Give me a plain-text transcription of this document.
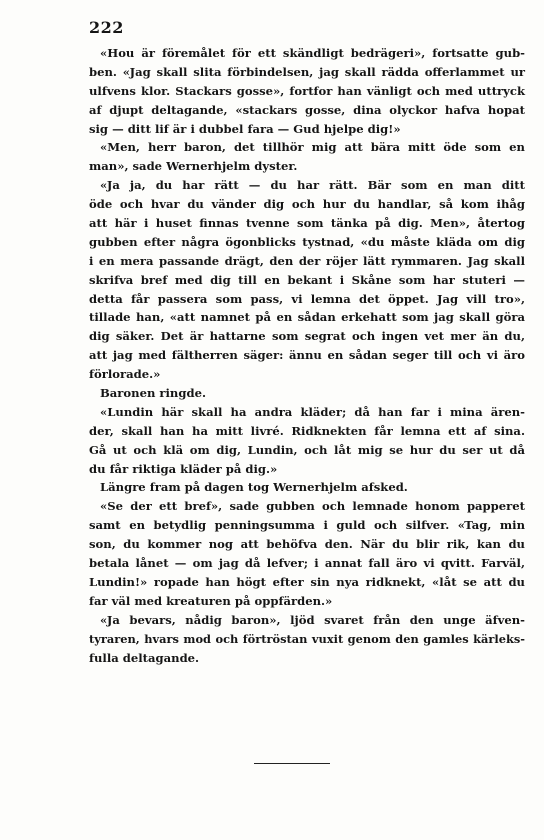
222
«Hou är föremålet för ett skändligt bedrägeri», fortsatte gub-
ben. «Jag skall slita förbindelsen, jag skall rädda offerlammet ur
ulfvens klor. Stackars gosse», fortfor han vänligt och med uttryck
af djupt deltagande, «stackars gosse, dina olyckor hafva hopat
sig — ditt lif är i dubbel fara — Gud hjelpe dig!»
«Men, herr baron, det tillhör mig att bära mitt öde som en
man», sade Wernerhjelm dyster.
«Ja ja, du har rätt — du har rätt. Bär som en man ditt
öde och hvar du vänder dig och hur du handlar, så kom ihåg
att här i huset finnas tvenne som tänka på dig. Men», återtog
gubben efter några ögonblicks tystnad, «du måste kläda om dig
i en mera passande drägt, den der röjer lätt rymmaren. Jag skall
skrifva bref med dig till en bekant i Skåne som har stuteri —
detta får passera som pass, vi lemna det öppet. Jag vill tro»,
tillade han, «att namnet på en sådan erkehatt som jag skall göra
dig säker. Det är hattarne som segrat och ingen vet mer än du,
att jag med fältherren säger: ännu en sådan seger till och vi äro
förlorade.»
Baronen ringde.
«Lundin här skall ha andra kläder; då han far i mina ären-
der, skall han ha mitt livré. Ridknekten får lemna ett af sina.
Gå ut och klä om dig, Lundin, och låt mig se hur du ser ut då
du får riktiga kläder på dig.»
Längre fram på dagen tog Wernerhjelm afsked.
«Se der ett bref», sade gubben och lemnade honom papperet
samt en betydlig penningsumma i guld och silfver. «Tag, min
son, du kommer nog att behöfva den. När du blir rik, kan du
betala lånet — om jag då lefver; i annat fall äro vi qvitt. Farväl,
Lundin!» ropade han högt efter sin nya ridknekt, «låt se att du
far väl med kreaturen på oppfärden.»
«Ja bevars, nådig baron», ljöd svaret från den unge äfven-
tyraren, hvars mod och förtröstan vuxit genom den gamles kärleks-
fulla deltagande.
